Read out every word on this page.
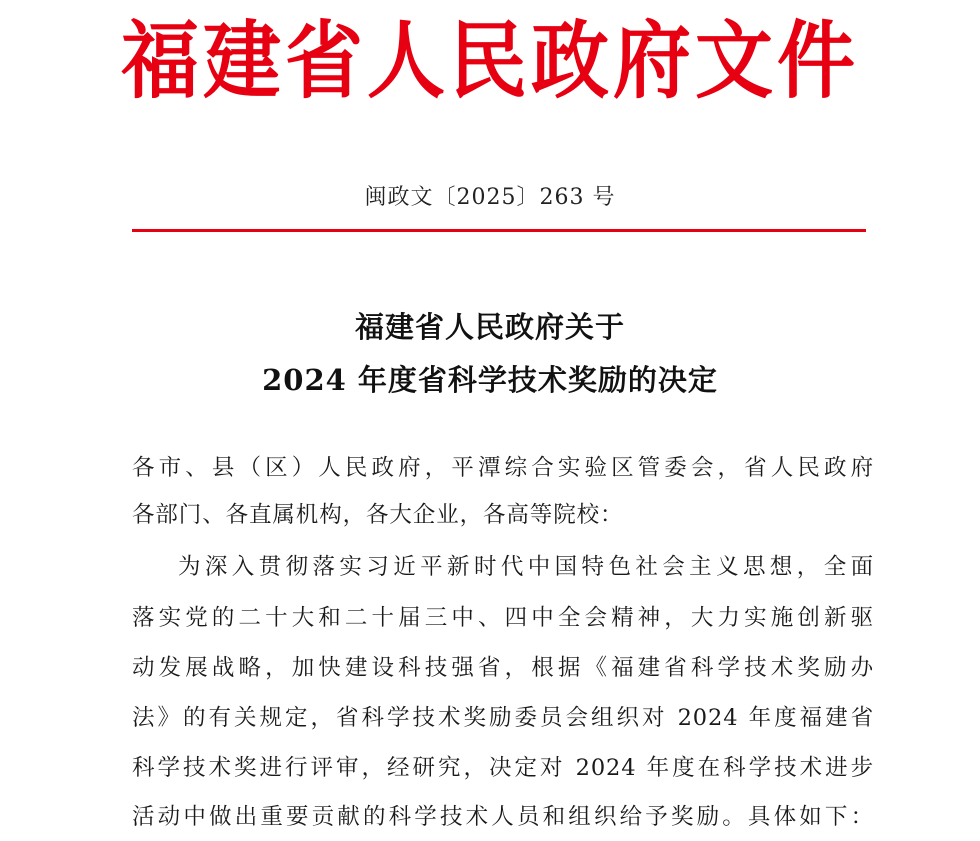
福建省人民政府文件
闽政文〔2025〕263 号
福建省人民政府关于
2024 年度省科学技术奖励的决定
各市、县（区）人民政府，平潭综合实验区管委会，省人民政府
各部门、各直属机构，各大企业，各高等院校：
为深入贯彻落实习近平新时代中国特色社会主义思想，全面
落实党的二十大和二十届三中、四中全会精神，大力实施创新驱
动发展战略，加快建设科技强省，根据《福建省科学技术奖励办
法》的有关规定，省科学技术奖励委员会组织对 2024 年度福建省
科学技术奖进行评审，经研究，决定对 2024 年度在科学技术进步
活动中做出重要贡献的科学技术人员和组织给予奖励。具体如下：
